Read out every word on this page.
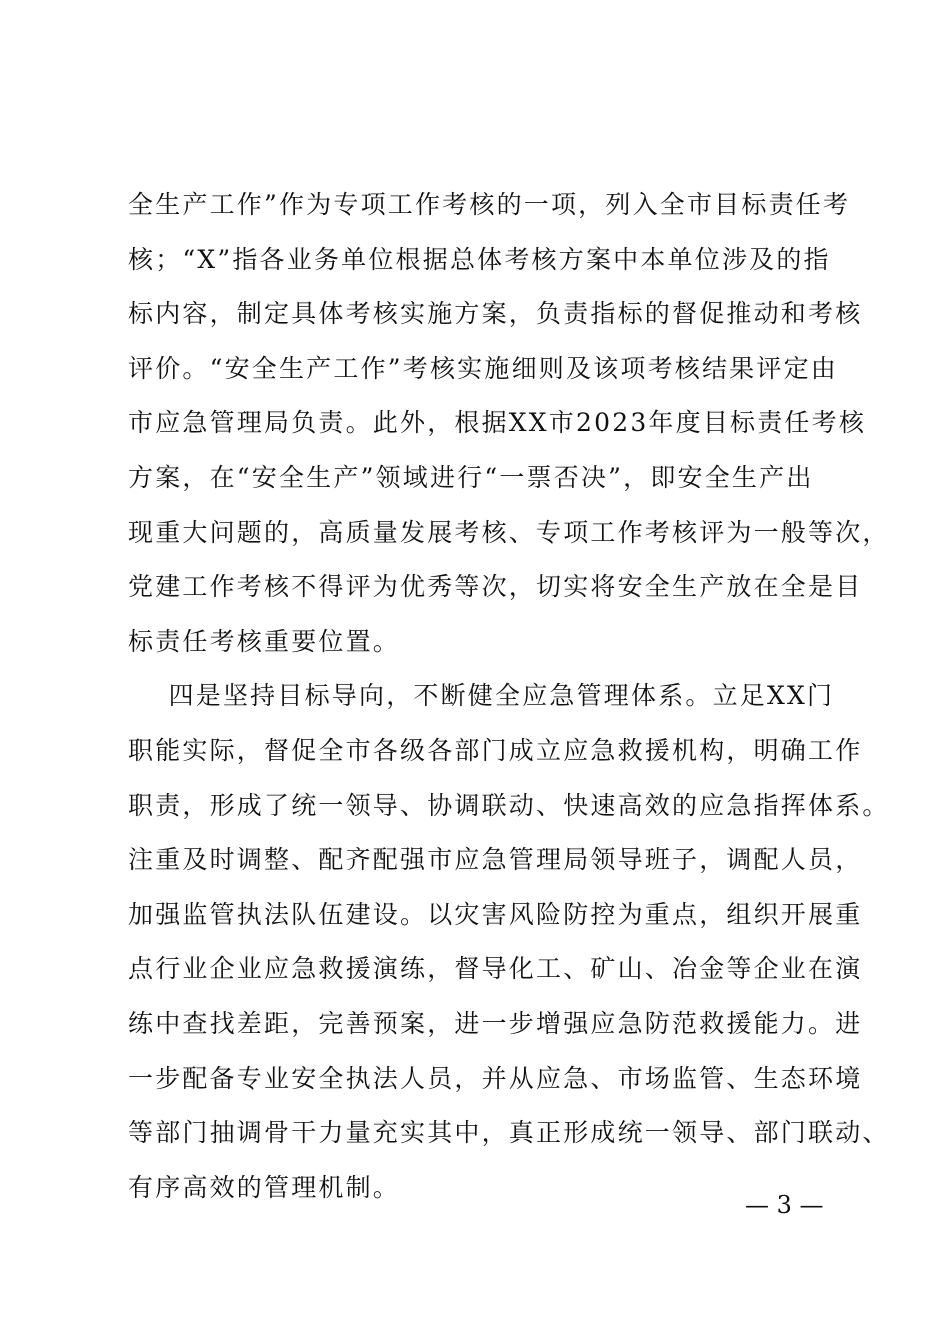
全生产工作”作为专项工作考核的一项，列入全市目标责任考
核；“X”指各业务单位根据总体考核方案中本单位涉及的指
标内容，制定具体考核实施方案，负责指标的督促推动和考核
评价。“安全生产工作”考核实施细则及该项考核结果评定由
市应急管理局负责。此外，根据XX市2023年度目标责任考核
方案，在“安全生产”领域进行“一票否决”，即安全生产出
现重大问题的，高质量发展考核、专项工作考核评为一般等次，
党建工作考核不得评为优秀等次，切实将安全生产放在全是目
标责任考核重要位置。
四是坚持目标导向，不断健全应急管理体系。立足XX门
职能实际，督促全市各级各部门成立应急救援机构，明确工作
职责，形成了统一领导、协调联动、快速高效的应急指挥体系。
注重及时调整、配齐配强市应急管理局领导班子，调配人员，
加强监管执法队伍建设。以灾害风险防控为重点，组织开展重
点行业企业应急救援演练，督导化工、矿山、冶金等企业在演
练中查找差距，完善预案，进一步增强应急防范救援能力。进
一步配备专业安全执法人员，并从应急、市场监管、生态环境
等部门抽调骨干力量充实其中，真正形成统一领导、部门联动、
有序高效的管理机制。
— 3 —
